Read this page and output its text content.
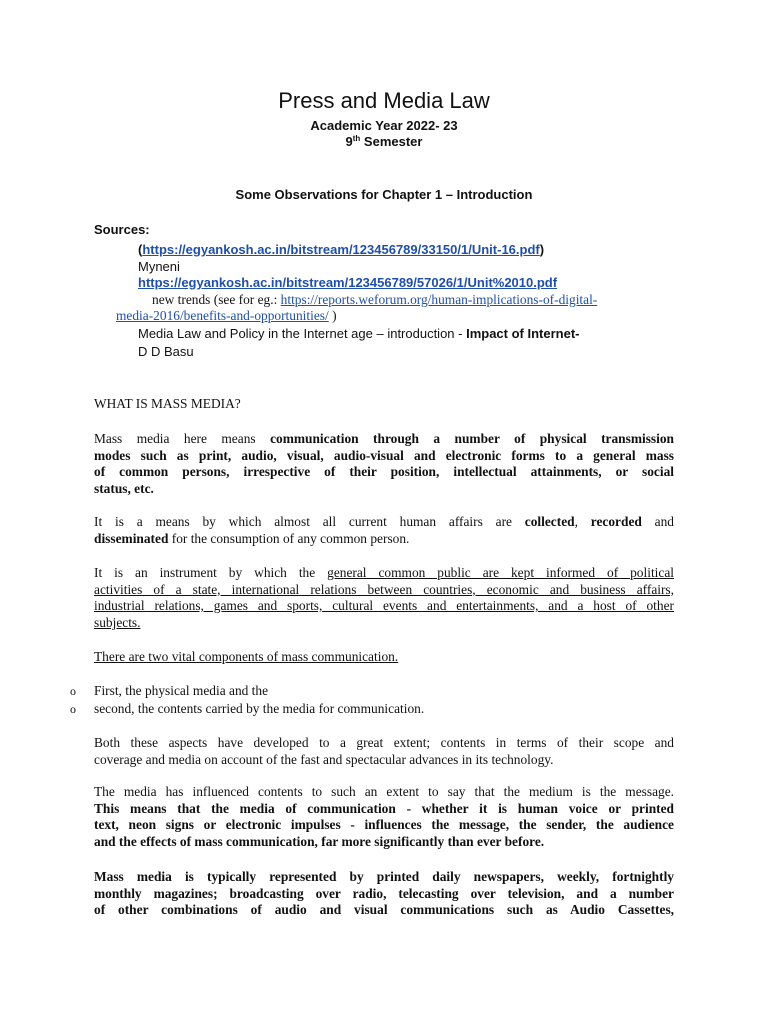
Press and Media Law
Academic Year 2022- 23
9th Semester
Some Observations for Chapter 1 – Introduction
Sources:
(https://egyankosh.ac.in/bitstream/123456789/33150/1/Unit-16.pdf)
Myneni
https://egyankosh.ac.in/bitstream/123456789/57026/1/Unit%2010.pdf
new trends (see for eg.: https://reports.weforum.org/human-implications-of-digital-
media-2016/benefits-and-opportunities/ )
Media Law and Policy in the Internet age – introduction - Impact of Internet-
D D Basu
WHAT IS MASS MEDIA?
Mass media here means communication through a number of physical transmission
modes such as print, audio, visual, audio-visual and electronic forms to a general mass
of common persons, irrespective of their position, intellectual attainments, or social
status, etc.
It is a means by which almost all current human affairs are collected, recorded and
disseminated for the consumption of any common person.
It is an instrument by which the general common public are kept informed of political
activities of a state, international relations between countries, economic and business affairs,
industrial relations, games and sports, cultural events and entertainments, and a host of other
subjects.
There are two vital components of mass communication.
o First, the physical media and the
o second, the contents carried by the media for communication.
Both these aspects have developed to a great extent; contents in terms of their scope and
coverage and media on account of the fast and spectacular advances in its technology.
The media has influenced contents to such an extent to say that the medium is the message.
This means that the media of communication - whether it is human voice or printed
text, neon signs or electronic impulses - influences the message, the sender, the audience
and the effects of mass communication, far more significantly than ever before.
Mass media is typically represented by printed daily newspapers, weekly, fortnightly
monthly magazines; broadcasting over radio, telecasting over television, and a number
of other combinations of audio and visual communications such as Audio Cassettes,
